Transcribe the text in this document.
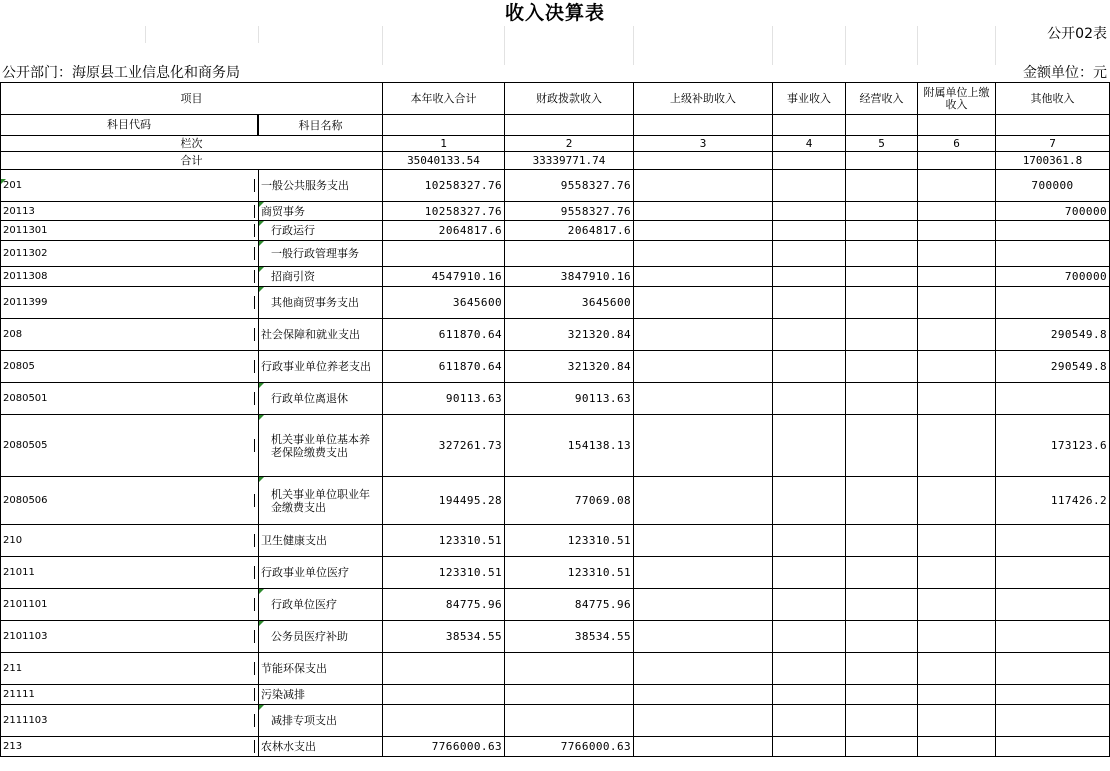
收入决算表
公开02表
公开部门：海原县工业信息化和商务局	金额单位：元
项目		本年收入合计	财政拨款收入	上级补助收入	事业收入	经营收入	附属单位上缴收入	其他收入

科目代码	科目名称							
栏次		1	2	3	4	5	6	7
合计		35040133.54	33339771.74					1700361.8

201	一般公共服务支出	10258327.76	9558327.76					700000

20113	商贸事务	10258327.76	9558327.76					700000

2011301	行政运行	2064817.6	2064817.6					

2011302	一般行政管理事务							

2011308	招商引资	4547910.16	3847910.16					700000

2011399	其他商贸事务支出	3645600	3645600					

208	社会保障和就业支出	611870.64	321320.84					290549.8

20805	行政事业单位养老支出	611870.64	321320.84					290549.8

2080501	行政单位离退休	90113.63	90113.63					

2080505	机关事业单位基本养老保险缴费支出	327261.73	154138.13					173123.6

2080506	机关事业单位职业年金缴费支出	194495.28	77069.08					117426.2

210	卫生健康支出	123310.51	123310.51					

21011	行政事业单位医疗	123310.51	123310.51					

2101101	行政单位医疗	84775.96	84775.96					

2101103	公务员医疗补助	38534.55	38534.55					

211	节能环保支出							

21111	污染减排							

2111103	减排专项支出							

213	农林水支出	7766000.63	7766000.63					
